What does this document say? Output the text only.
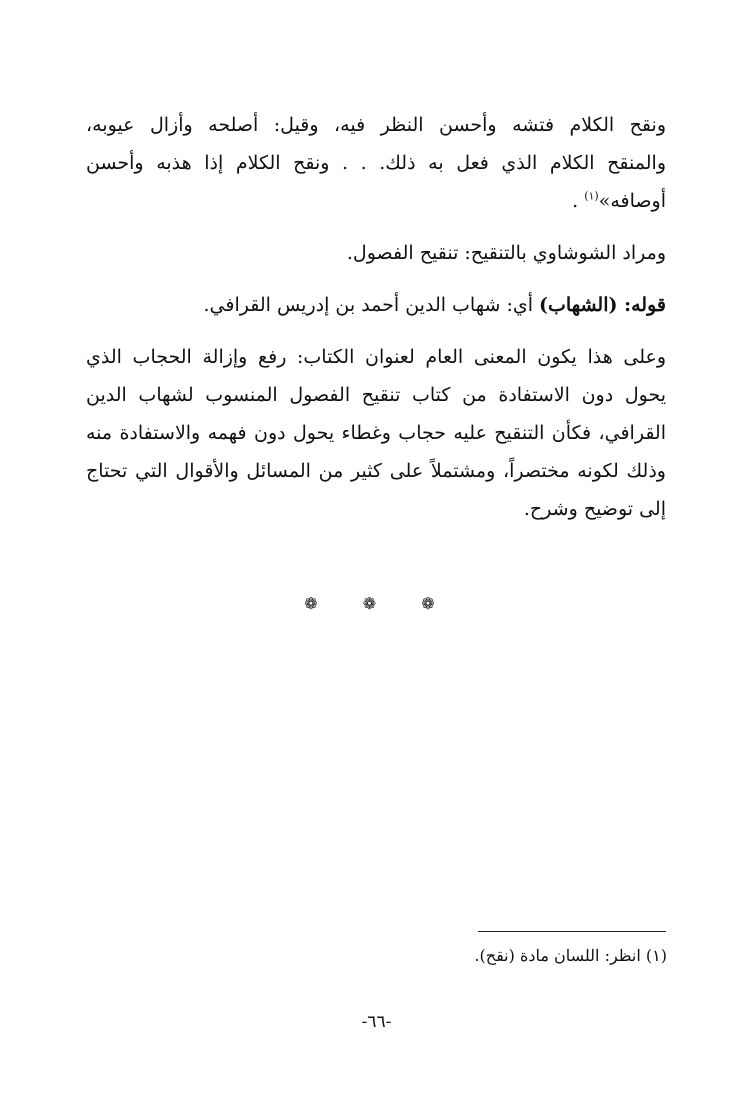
ونقح الكلام فتشه وأحسن النظر فيه، وقيل: أصلحه وأزال عيوبه،
والمنقح الكلام الذي فعل به ذلك. . . ونقح الكلام إذا هذبه وأحسن
أوصافه»$^{(١)}$ .

ومراد الشوشاوي بالتنقيح: تنقيح الفصول.

قوله: (الشهاب) أي: شهاب الدين أحمد بن إدريس القرافي.

وعلى هذا يكون المعنى العام لعنوان الكتاب: رفع وإزالة الحجاب الذي
يحول دون الاستفادة من كتاب تنقيح الفصول المنسوب لشهاب الدين
القرافي، فكأن التنقيح عليه حجاب وغطاء يحول دون فهمه والاستفادة منه
وذلك لكونه مختصراً، ومشتملاً على كثير من المسائل والأقوال التي تحتاج
إلى توضيح وشرح.

❁ ❁ ❁
(١) انظر: اللسان مادة (نقح).
-٦٦-
